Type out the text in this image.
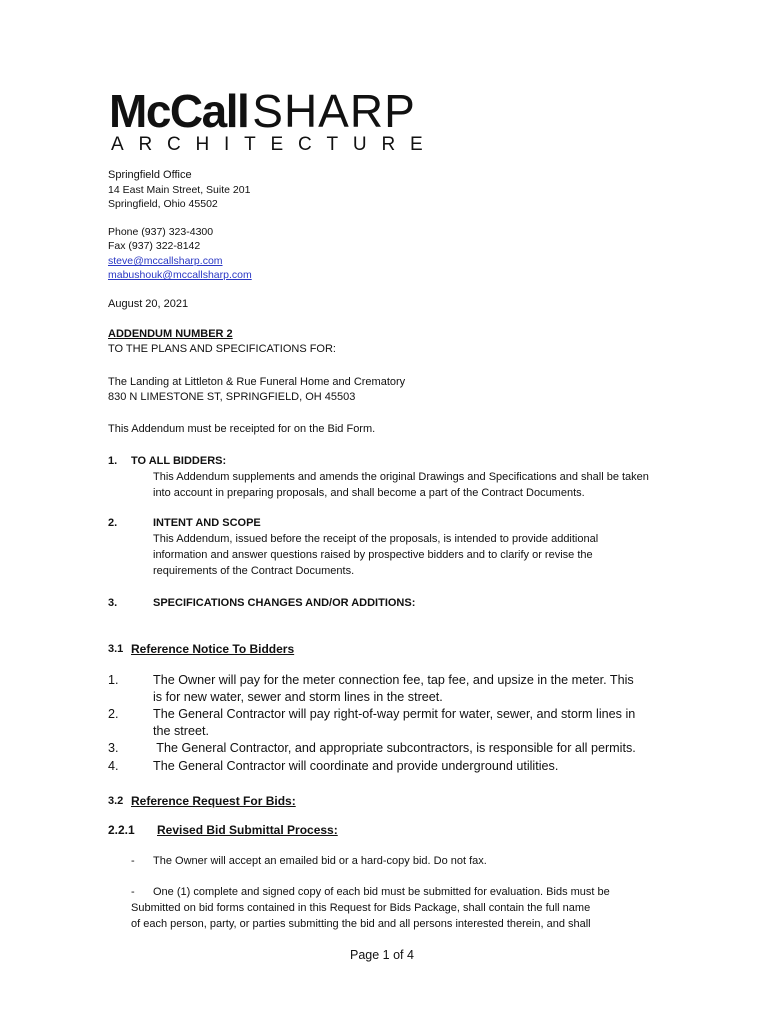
McCallSHARP
ARCHITECTURE
Springfield Office
14 East Main Street, Suite 201
Springfield, Ohio 45502
Phone (937) 323-4300
Fax (937) 322-8142
steve@mccallsharp.com
mabushouk@mccallsharp.com
August 20, 2021
ADDENDUM NUMBER 2
TO THE PLANS AND SPECIFICATIONS FOR:
The Landing at Littleton & Rue Funeral Home and Crematory
830 N LIMESTONE ST, SPRINGFIELD, OH 45503
This Addendum must be receipted for on the Bid Form.
1. TO ALL BIDDERS:
This Addendum supplements and amends the original Drawings and Specifications and shall be taken
into account in preparing proposals, and shall become a part of the Contract Documents.
2.	INTENT AND SCOPE
This Addendum, issued before the receipt of the proposals, is intended to provide additional
information and answer questions raised by prospective bidders and to clarify or revise the
requirements of the Contract Documents.
3.	SPECIFICATIONS CHANGES AND/OR ADDITIONS:
3.1 Reference Notice To Bidders
1.	The Owner will pay for the meter connection fee, tap fee, and upsize in the meter. This
is for new water, sewer and storm lines in the street.
2.	The General Contractor will pay right-of-way permit for water, sewer, and storm lines in
the street.
3.	The General Contractor, and appropriate subcontractors, is responsible for all permits.
4.	The General Contractor will coordinate and provide underground utilities.
3.2 Reference Request For Bids:
2.2.1 Revised Bid Submittal Process:
- The Owner will accept an emailed bid or a hard-copy bid. Do not fax.
- One (1) complete and signed copy of each bid must be submitted for evaluation. Bids must be
Submitted on bid forms contained in this Request for Bids Package, shall contain the full name
of each person, party, or parties submitting the bid and all persons interested therein, and shall
Page 1 of 4
